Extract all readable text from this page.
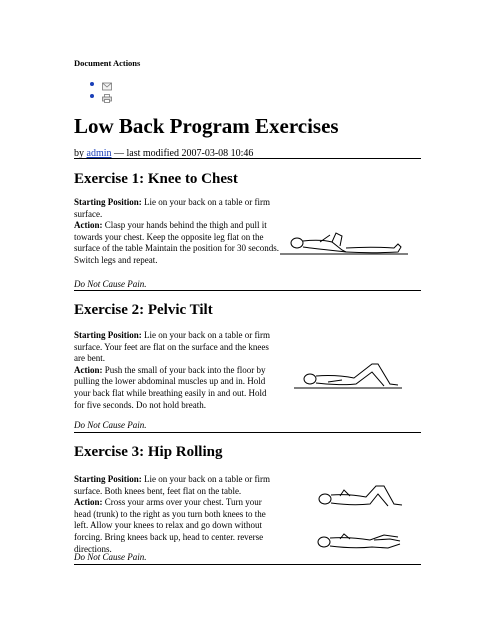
Document Actions
Low Back Program Exercises
by admin — last modified 2007-03-08 10:46
Exercise 1: Knee to Chest

Starting Position: Lie on your back on a table or firm surface.
Action: Clasp your hands behind the thigh and pull it towards your chest. Keep the opposite leg flat on the surface of the table Maintain the position for 30 seconds. Switch legs and repeat.

Do Not Cause Pain.
Exercise 2: Pelvic Tilt

Starting Position: Lie on your back on a table or firm surface. Your feet are flat on the surface and the knees are bent.
Action: Push the small of your back into the floor by pulling the lower abdominal muscles up and in. Hold your back flat while breathing easily in and out. Hold for five seconds. Do not hold breath.

Do Not Cause Pain.
Exercise 3: Hip Rolling

Starting Position: Lie on your back on a table or firm surface. Both knees bent, feet flat on the table.
Action: Cross your arms over your chest. Turn your head (trunk) to the right as you turn both knees to the left. Allow your knees to relax and go down without forcing. Bring knees back up, head to center. reverse directions.

Do Not Cause Pain.
